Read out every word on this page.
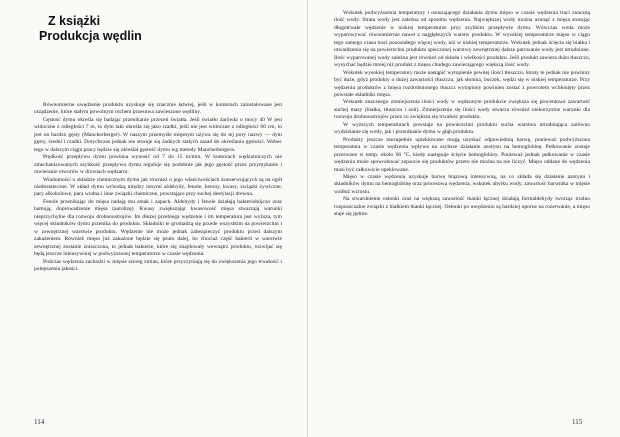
Z książki
Produkcja wędlin

Równomierne uwędzenie produktu uzyskuje się znacznie łatwiej, jeśli w komorach zainstalowane jest urządzenie, które stałym powolnym ruchem przesuwa zawieszone wędliny.

Gęstość dymu określa się badając przenikanie przezeń światła. Jeśli światło żarówki o mocy 40 W jest widoczne z odległości 7 m, to dym taki określa się jako rzadki, jeśli nie jest widoczne z odległości 60 cm, to jest on bardzo gęsty (Mancherberger). W naszym przemyśle mięsnym używa się do tej pory nazwy — dym gęsty, średni i rzadki. Dotychczas jednak nie stosuje się żadnych stałych zasad do określania gęstości. Wobec tego w dalszym ciągu pracy będzie się określał gęstość dymu wg metody Mancherbergera.

Prędkość przepływu dymu powinna wynosić od 7 do 15 m/min. W komorach wędzarniczych nie zmechanizowanych szybkość przepływu dymu reguluje się podobnie jak jego gęstość przez przymykanie i otwieranie otworów w drzwiach wędzarni.

Wiadomości o składzie chemicznym dymu jak również o jego właściwościach konserwujących są na ogół niedostateczne. W skład dymu wchodzą między innymi aldehydy, fenole, ketony, kwasy, związki żywiczne, pary alkoholowe, para wodna i inne związki chemiczne, powstające przy suchej destylacji drewna.

Fenole przenikając do mięsa nadają mu smak i zapach. Aldehydy i fenole działają bakteriobójczo oraz hamują, doprowadzenie mięsa (autolizę). Kwasy zwiększając kwasowość mięsa stwarzają warunki nieprzychylne dla rozwoju drobnoustrojów. Im dłużej przebiega wędzenie i im temperatura jest wyższa, tym więcej składników dymu przenika do produktu. Składniki te gromadzą się przede wszystkim na powierzchni i w zewnętrznej warstwie produktu. Wędzenie nie może jednak zabezpieczyć produktu przed dalszym zakażeniem. Również mięso już zakażone będzie się psuło dalej, bo chociaż część bakterii w warstwie zewnętrznej zostanie zniszczona, to jednak bakterie, które się znajdowały wewnątrz produktu, rozwijać się będą jeszcze intensywniej w podwyższonej temperaturze w czasie wędzenia.

Podczas wędzenia zachodzi w mięsie szereg zmian, które przyczyniają się do zwiększenia jego trwałości i polepszenia jakości.

114

Wskutek podwyższenia temperatury i osuszającego działania dymu mięso w czasie wędzenia traci znaczną ilość wody. Strata wody jest zależna od sposobu wędzenia. Największej wody można usunąć z mięsa stosując długotrwałe wędzenie w niskiej temperaturze przy szybkim przepływie dymu. Wówczas woda może wyparowywać równomiernie nawet z najgłębszych warstw produktu. W wysokiej temperaturze mięso w ciągu tego samego czasu traci pozostałego więcej wody, niż w niskiej temperaturze. Wskutek jednak ścięcia się białka i utwardzenia się na powierzchni produktu spieczonej warstwy zewnętrznej dalsze parowanie wody jest utrudnione. Ilość wyparowanej wody zależna jest również od składu i wielkości produktu. Jeśli produkt zawiera dużo tłuszczu, wysychać będzie mniej niż produkt z mięsa chudego zawierającego większą ilość wody.

Wskutek wysokiej temperatury może nastąpić wytopienie pewnej ilości tłuszczu. Straty te jednak nie powinny być duże, gdyż produkty o dużej zawartości tłuszczu, jak słonina, boczek, wędzi się w niskiej temperaturze. Przy wędzeniu produktów z mięsa rozdrobnionego tłuszcz wytopiony powinien zostać z powrotem wchłonięty przez powstałe składniki mięsa.

Wskutek znacznego zmniejszenia ilości wody w wędzonym produkcie zwiększa się procentowa zawartość suchej masy (białka, tłuszczu i soli). Zmniejszenie się ilości wody stwarza również niekorzystne warunki dla rozwoju drobnoustrojów przez co zwiększa się trwałość produktu.

W wyższych temperaturach powstaje na powierzchni produktu sucha warstwa utrudniająca zarówno wydzielanie się wody, jak i przenikanie dymu w głąb produktu.

Produkty jeszcze niezupełnie upieklowane mogą uzyskać odpowiednią barwę, ponieważ podwyższona temperatura w czasie wędzenia wpływa na szybsze działanie azotynu na hemoglobinę. Pełkowanie zostaje przerwane w temp. około 66 °C, kiedy następuje ścięcie hemoglobiny. Ponieważ jednak pełkowanie w czasie wędzenia może spowodować zepsucie się produktów przeto nie można na nie liczyć. Mięso oddane do wędzenia musi być całkowicie upeklowane.

Mięso w czasie wędzenia uzyskuje barwę brązową intensywną, na co składa się działanie azotynu i składników dymu na hemoglobinę oraz procesowa wędzenia, wskutek ubytku wody, zawartość barwnika w mięsie wzdłuż wzrostu.

Na stwardnienie osłonki oraz na większą zawartość tkanki łącznej działają formaldehydy tworząc trudno rozpuszczalne związki z białkiem tkanki łącznej. Osłonki po uwędzeniu są bardziej oporne na rozerwanie, a mięso staje się jędrne.

115
